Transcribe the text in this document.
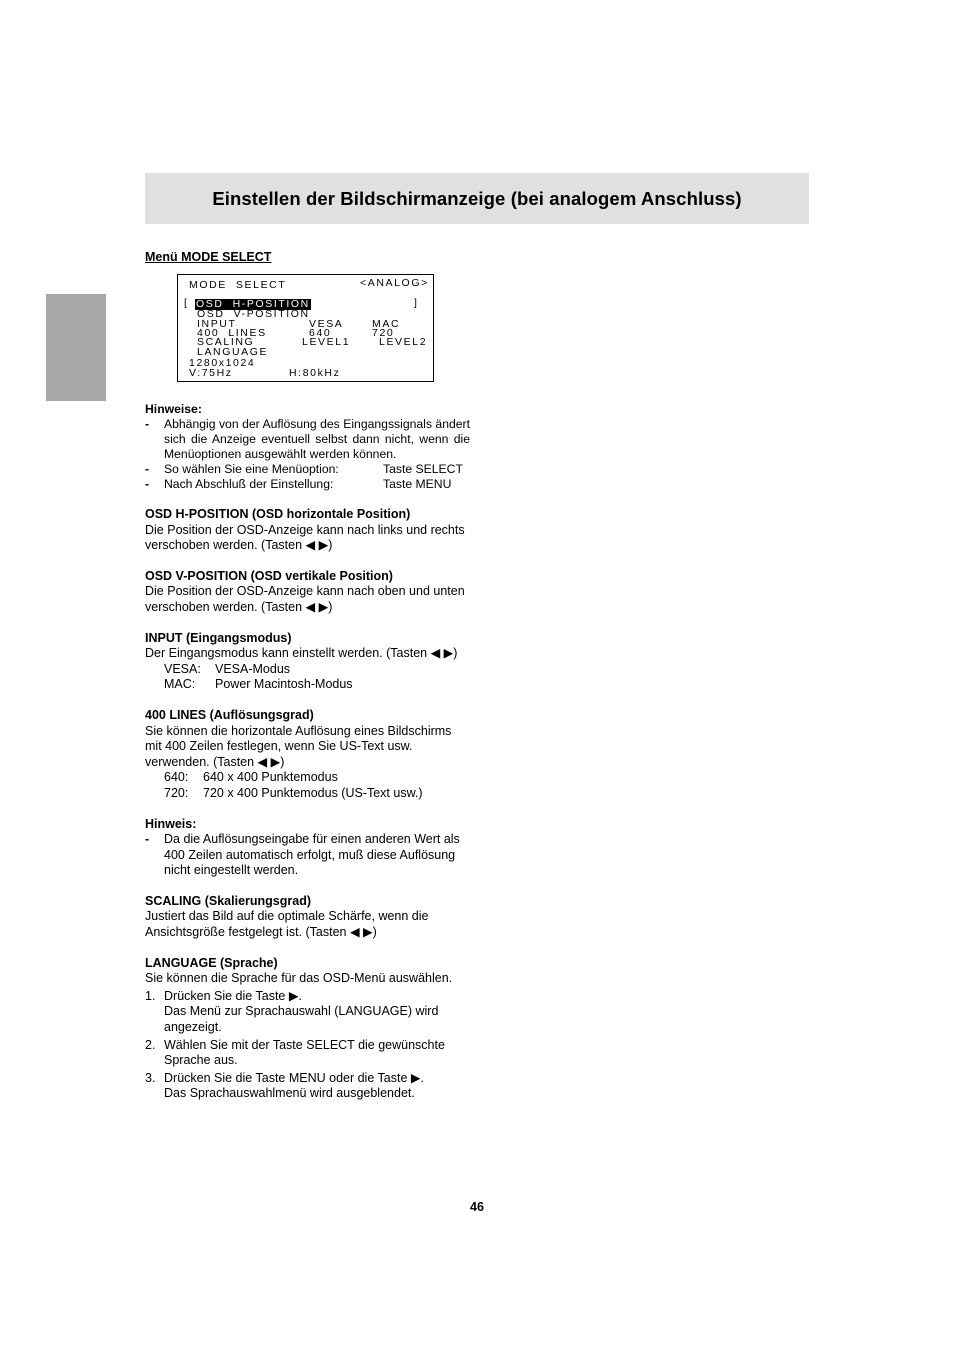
Einstellen der Bildschirmanzeige (bei analogem Anschluss)
Menü MODE SELECT
MODE  SELECT	<ANALOG>
[ OSD  H-POSITION	]
OSD  V-POSITION
INPUT	VESA	MAC
400  LINES	640	720
SCALING	LEVEL1	LEVEL2
LANGUAGE
1280x1024
V:75Hz	H:80kHz

Hinweise:

-	Abhängig von der Auflösung des Eingangssignals ändert sich die Anzeige eventuell selbst dann nicht, wenn die Menüoptionen ausgewählt werden können.
-	So wählen Sie eine Menüoption:	Taste SELECT
-	Nach Abschluß der Einstellung:	Taste MENU

OSD H-POSITION (OSD horizontale Position)

Die Position der OSD-Anzeige kann nach links und rechts verschoben werden. (Tasten ◀ ▶)

OSD V-POSITION (OSD vertikale Position)

Die Position der OSD-Anzeige kann nach oben und unten verschoben werden. (Tasten ◀ ▶)

INPUT (Eingangsmodus)

Der Eingangsmodus kann einstellt werden. (Tasten ◀ ▶)

VESA:	VESA-Modus
MAC:	Power Macintosh-Modus

400 LINES (Auflösungsgrad)

Sie können die horizontale Auflösung eines Bildschirms mit 400 Zeilen festlegen, wenn Sie US-Text usw. verwenden. (Tasten ◀ ▶)

640:	640 x 400 Punktemodus
720:	720 x 400 Punktemodus (US-Text usw.)

Hinweis:

-	Da die Auflösungseingabe für einen anderen Wert als 400 Zeilen automatisch erfolgt, muß diese Auflösung nicht eingestellt werden.

SCALING (Skalierungsgrad)

Justiert das Bild auf die optimale Schärfe, wenn die Ansichtsgröße festgelegt ist. (Tasten ◀ ▶)

LANGUAGE (Sprache)

Sie können die Sprache für das OSD-Menü auswählen.

1. Drücken Sie die Taste ▶.
Das Menü zur Sprachauswahl (LANGUAGE) wird angezeigt.
2. Wählen Sie mit der Taste SELECT die gewünschte Sprache aus.
3. Drücken Sie die Taste MENU oder die Taste ▶.
Das Sprachauswahlmenü wird ausgeblendet.
46
